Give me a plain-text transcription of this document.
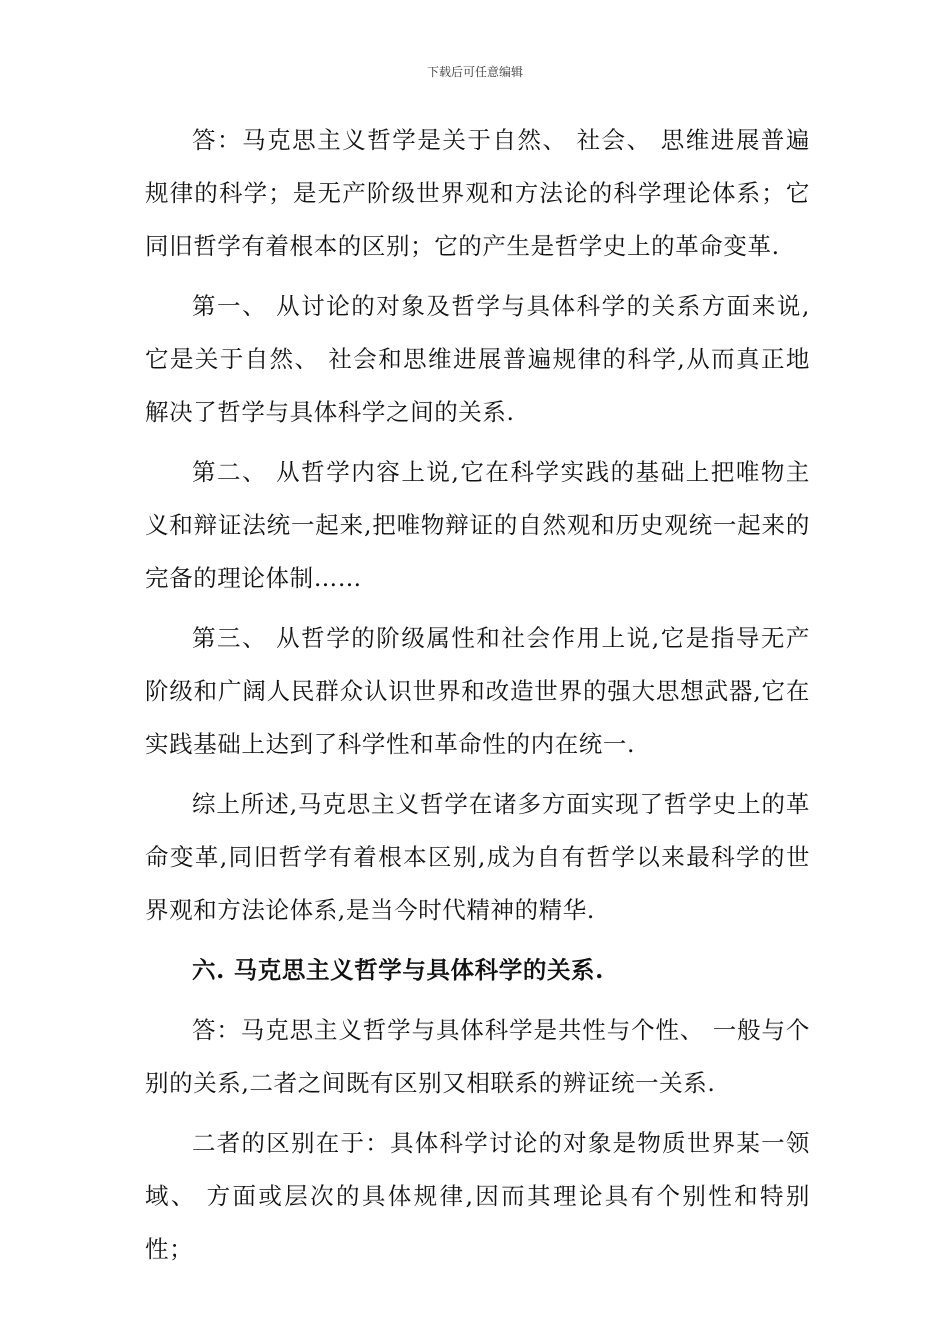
下载后可任意编辑

答：马克思主义哲学是关于自然、 社会、 思维进展普遍规律的科学；是无产阶级世界观和方法论的科学理论体系；它同旧哲学有着根本的区别；它的产生是哲学史上的革命变革.

第一、 从讨论的对象及哲学与具体科学的关系方面来说,它是关于自然、 社会和思维进展普遍规律的科学,从而真正地解决了哲学与具体科学之间的关系.

第二、 从哲学内容上说,它在科学实践的基础上把唯物主义和辩证法统一起来,把唯物辩证的自然观和历史观统一起来的完备的理论体制……

第三、 从哲学的阶级属性和社会作用上说,它是指导无产阶级和广阔人民群众认识世界和改造世界的强大思想武器,它在实践基础上达到了科学性和革命性的内在统一.

综上所述,马克思主义哲学在诸多方面实现了哲学史上的革命变革,同旧哲学有着根本区别,成为自有哲学以来最科学的世界观和方法论体系,是当今时代精神的精华.

六. 马克思主义哲学与具体科学的关系.

答：马克思主义哲学与具体科学是共性与个性、 一般与个别的关系,二者之间既有区别又相联系的辨证统一关系.

二者的区别在于：具体科学讨论的对象是物质世界某一领域、 方面或层次的具体规律,因而其理论具有个别性和特别性；
